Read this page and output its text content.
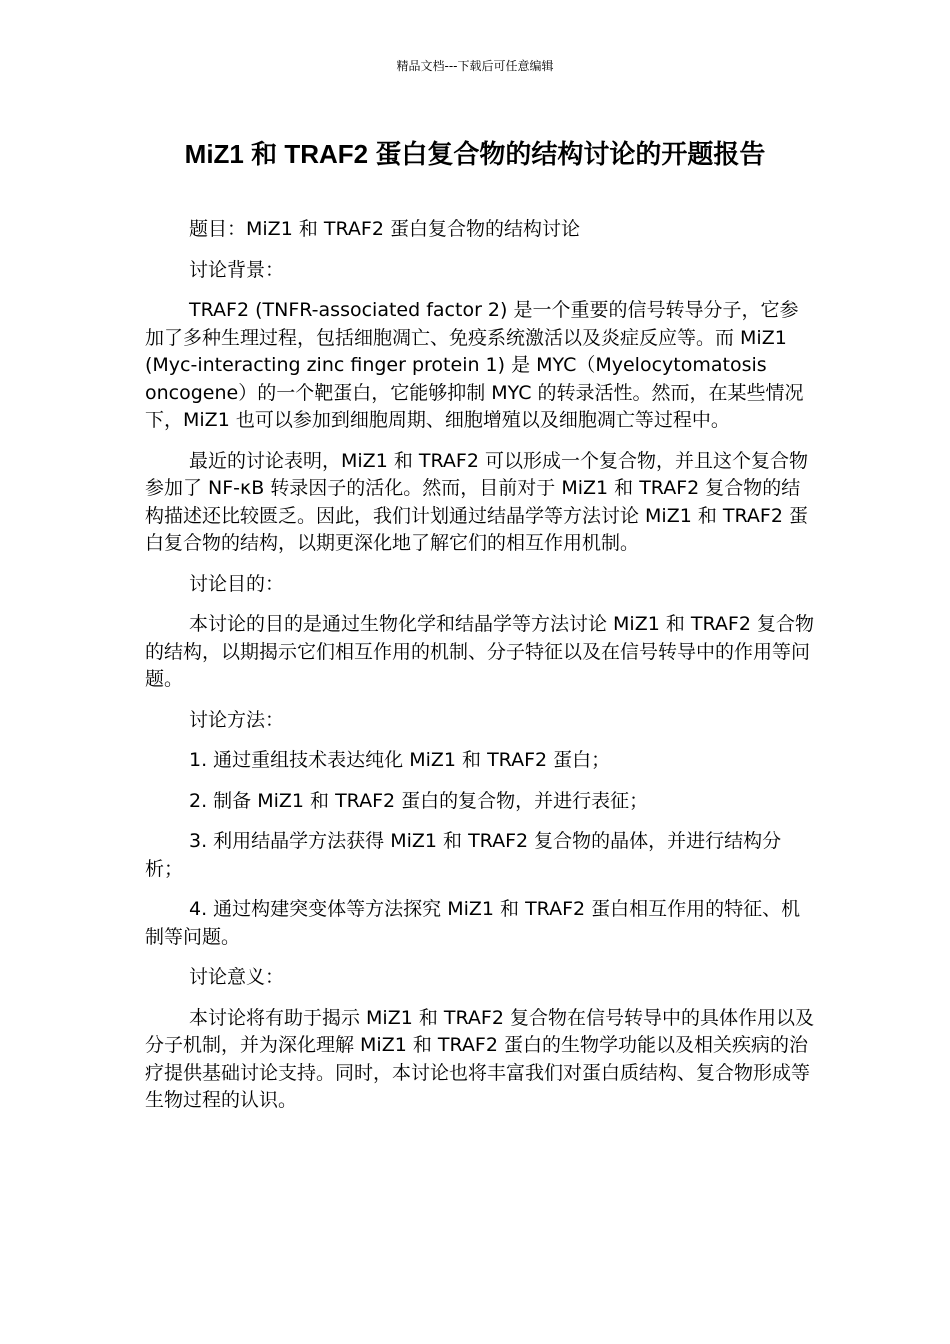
精品文档---下载后可任意编辑
MiZ1 和 TRAF2 蛋白复合物的结构讨论的开题报告

题目：MiZ1 和 TRAF2 蛋白复合物的结构讨论

讨论背景：

TRAF2 (TNFR-associated factor 2) 是一个重要的信号转导分子，它参加了多种生理过程，包括细胞凋亡、免疫系统激活以及炎症反应等。而 MiZ1 (Myc-interacting zinc finger protein 1) 是 MYC（Myelocytomatosis oncogene）的一个靶蛋白，它能够抑制 MYC 的转录活性。然而，在某些情况下，MiZ1 也可以参加到细胞周期、细胞增殖以及细胞凋亡等过程中。

最近的讨论表明，MiZ1 和 TRAF2 可以形成一个复合物，并且这个复合物参加了 NF-κB 转录因子的活化。然而，目前对于 MiZ1 和 TRAF2 复合物的结构描述还比较匮乏。因此，我们计划通过结晶学等方法讨论 MiZ1 和 TRAF2 蛋白复合物的结构，以期更深化地了解它们的相互作用机制。

讨论目的：

本讨论的目的是通过生物化学和结晶学等方法讨论 MiZ1 和 TRAF2 复合物的结构，以期揭示它们相互作用的机制、分子特征以及在信号转导中的作用等问题。

讨论方法：

1. 通过重组技术表达纯化 MiZ1 和 TRAF2 蛋白；

2. 制备 MiZ1 和 TRAF2 蛋白的复合物，并进行表征；

3. 利用结晶学方法获得 MiZ1 和 TRAF2 复合物的晶体，并进行结构分析；

4. 通过构建突变体等方法探究 MiZ1 和 TRAF2 蛋白相互作用的特征、机制等问题。

讨论意义：

本讨论将有助于揭示 MiZ1 和 TRAF2 复合物在信号转导中的具体作用以及分子机制，并为深化理解 MiZ1 和 TRAF2 蛋白的生物学功能以及相关疾病的治疗提供基础讨论支持。同时，本讨论也将丰富我们对蛋白质结构、复合物形成等生物过程的认识。
